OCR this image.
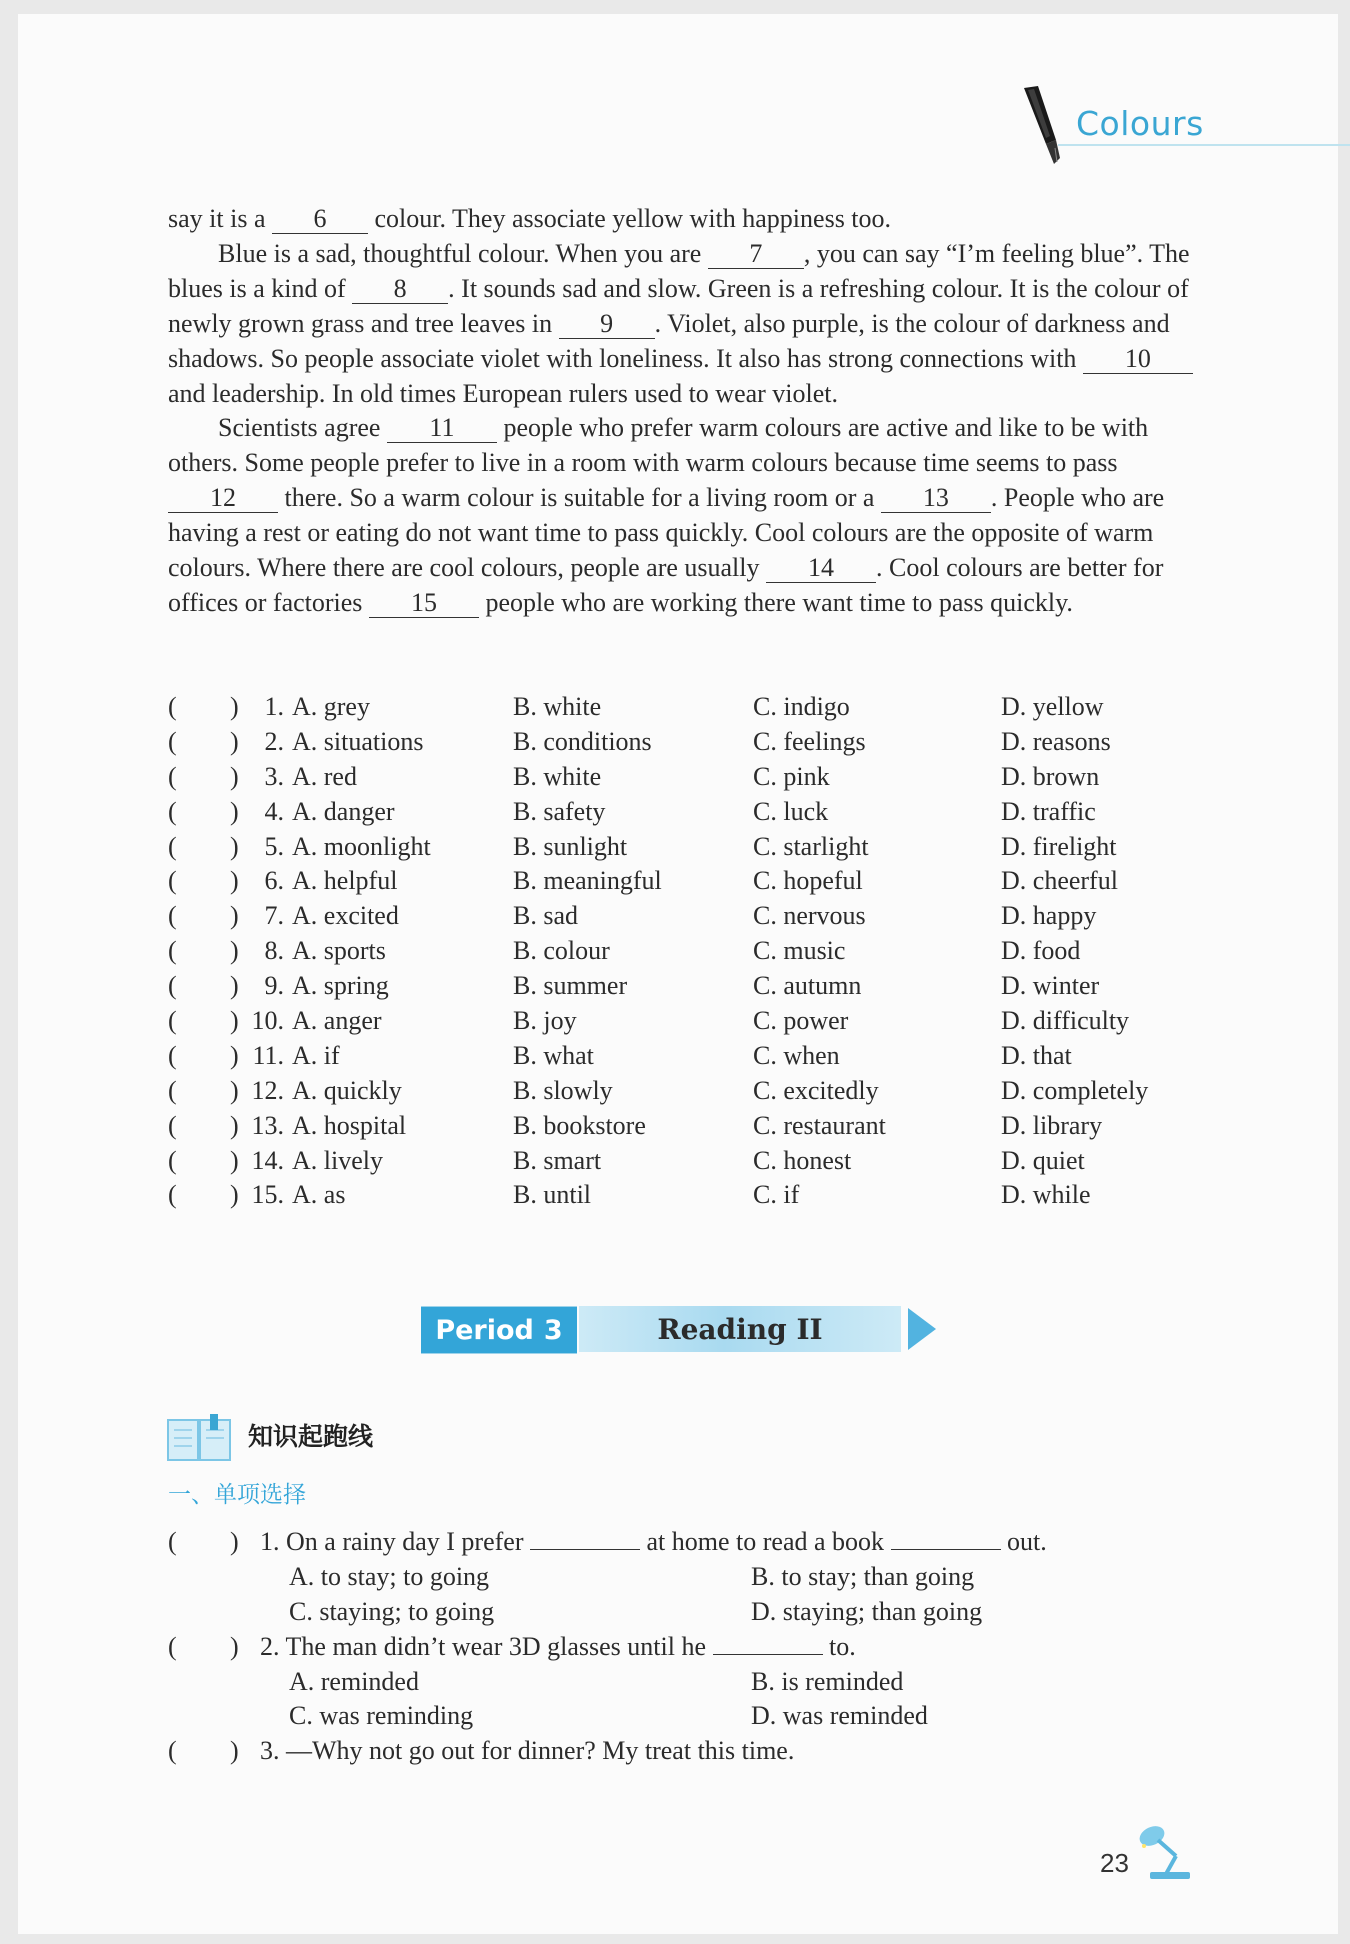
Colours

say it is a 6 colour. They associate yellow with happiness too.

Blue is a sad, thoughtful colour. When you are 7 , you can say “I’m feeling blue”. The blues is a kind of 8 . It sounds sad and slow. Green is a refreshing colour. It is the colour of newly grown grass and tree leaves in 9 . Violet, also purple, is the colour of darkness and shadows. So people associate violet with loneliness. It also has strong connections with 10 and leadership. In old times European rulers used to wear violet.

Scientists agree 11 people who prefer warm colours are active and like to be with others. Some people prefer to live in a room with warm colours because time seems to pass 12 there. So a warm colour is suitable for a living room or a 13 . People who are having a rest or eating do not want time to pass quickly. Cool colours are the opposite of warm colours. Where there are cool colours, people are usually 14 . Cool colours are better for offices or factories 15 people who are working there want time to pass quickly.

( ) 1. A. grey	B. white	C. indigo	D. yellow
( ) 2. A. situations	B. conditions	C. feelings	D. reasons
( ) 3. A. red	B. white	C. pink	D. brown
( ) 4. A. danger	B. safety	C. luck	D. traffic
( ) 5. A. moonlight	B. sunlight	C. starlight	D. firelight
( ) 6. A. helpful	B. meaningful	C. hopeful	D. cheerful
( ) 7. A. excited	B. sad	C. nervous	D. happy
( ) 8. A. sports	B. colour	C. music	D. food
( ) 9. A. spring	B. summer	C. autumn	D. winter
( ) 10. A. anger	B. joy	C. power	D. difficulty
( ) 11. A. if	B. what	C. when	D. that
( ) 12. A. quickly	B. slowly	C. excitedly	D. completely
( ) 13. A. hospital	B. bookstore	C. restaurant	D. library
( ) 14. A. lively	B. smart	C. honest	D. quiet
( ) 15. A. as	B. until	C. if	D. while
Period 3	Reading II
知识起跑线
一、单项选择
( ) 1. On a rainy day I prefer	at home to read a book	out.
A. to stay; to going	B. to stay; than going
C. staying; to going	D. staying; than going
( ) 2. The man didn’t wear 3D glasses until he	to.
A. reminded	B. is reminded
C. was reminding	D. was reminded
( ) 3. —Why not go out for dinner? My treat this time.
23
